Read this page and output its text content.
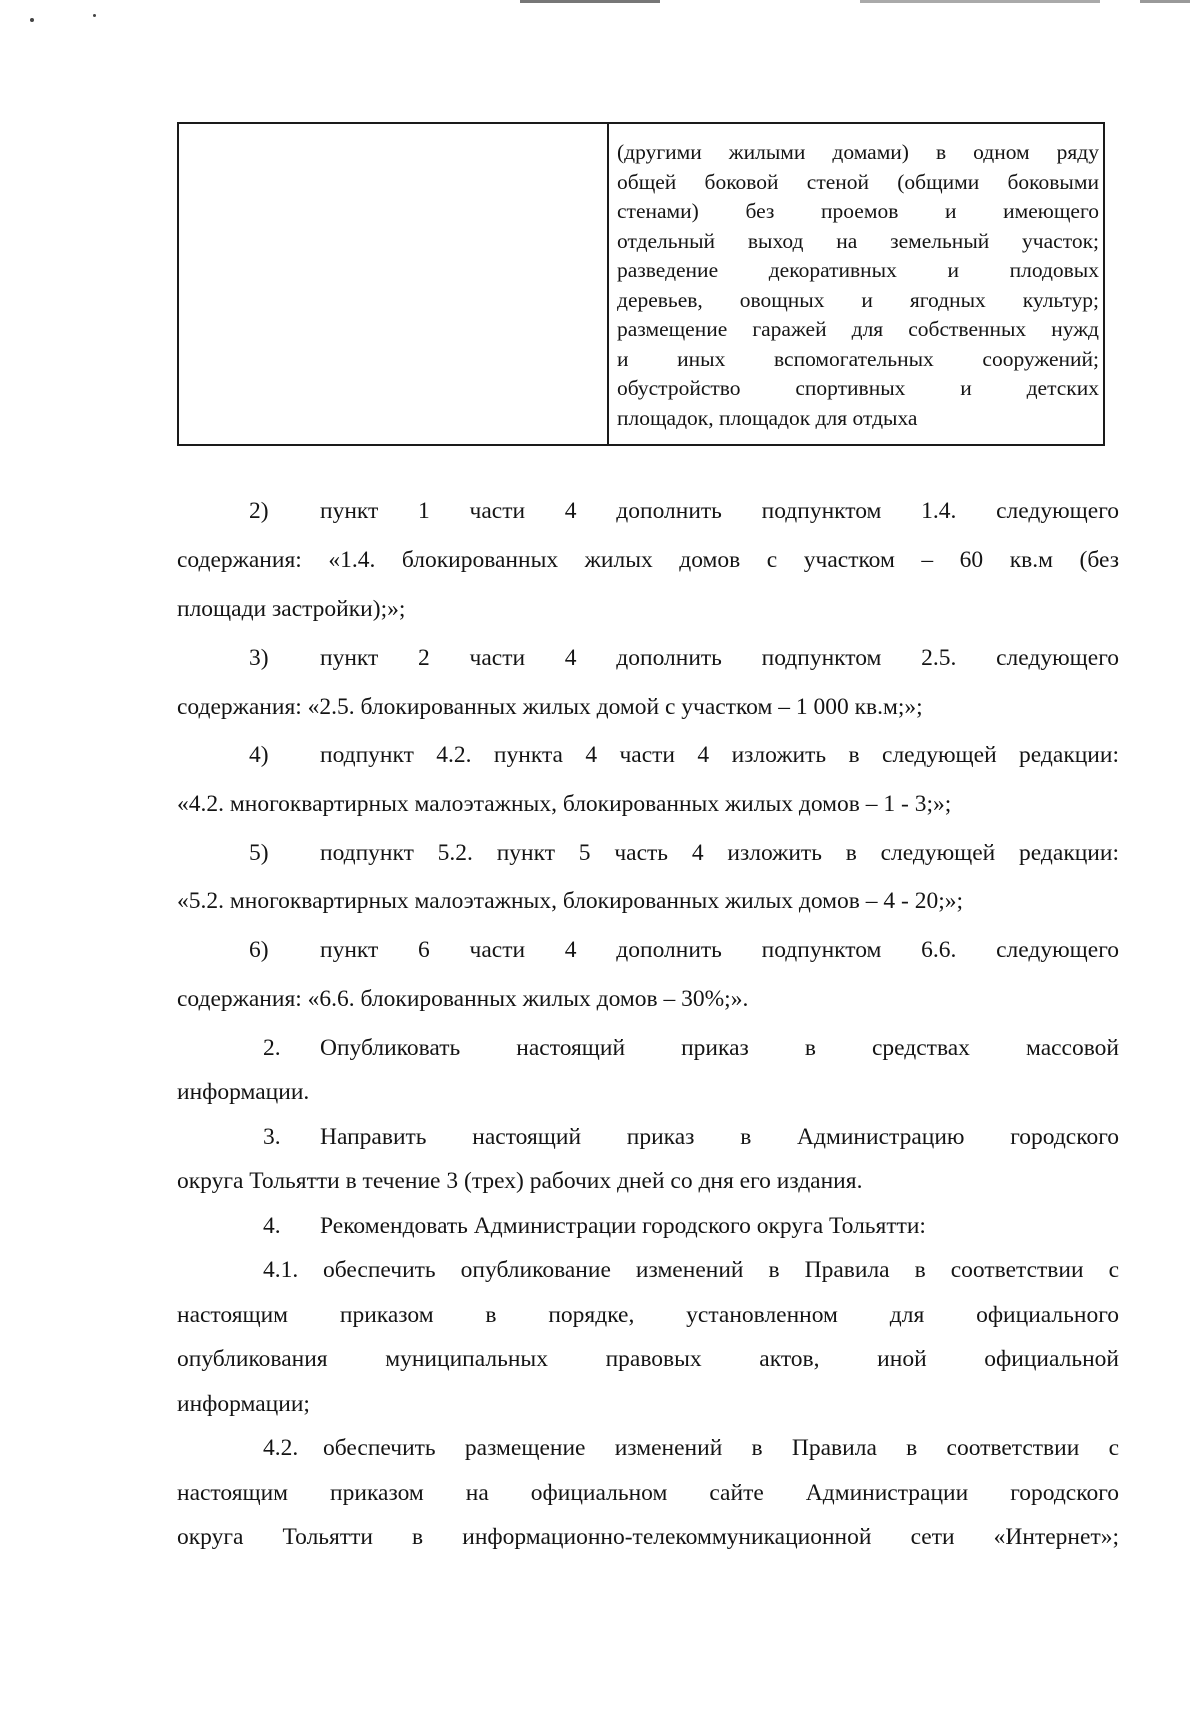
(другими жилыми домами) в одном ряду
общей боковой стеной (общими боковыми
стенами) без проемов и имеющего
отдельный выход на земельный участок;
разведение декоративных и плодовых
деревьев, овощных и ягодных культур;
размещение гаражей для собственных нужд
и иных вспомогательных сооружений;
обустройство спортивных и детских
площадок, площадок для отдыха
2) пункт 1 части 4 дополнить подпунктом 1.4. следующего
содержания: «1.4. блокированных жилых домов с участком – 60 кв.м (без
площади застройки);»;
3) пункт 2 части 4 дополнить подпунктом 2.5. следующего
содержания: «2.5. блокированных жилых домой с участком – 1 000 кв.м;»;
4) подпункт 4.2. пункта 4 части 4 изложить в следующей редакции:
«4.2. многоквартирных малоэтажных, блокированных жилых домов – 1 - 3;»;
5) подпункт 5.2. пункт 5 часть 4 изложить в следующей редакции:
«5.2. многоквартирных малоэтажных, блокированных жилых домов – 4 - 20;»;
6) пункт 6 части 4 дополнить подпунктом 6.6. следующего
содержания: «6.6. блокированных жилых домов – 30%;».
2. Опубликовать настоящий приказ в средствах массовой
информации.
3. Направить настоящий приказ в Администрацию городского
округа Тольятти в течение 3 (трех) рабочих дней со дня его издания.
4. Рекомендовать Администрации городского округа Тольятти:
4.1. обеспечить опубликование изменений в Правила в соответствии с
настоящим приказом в порядке, установленном для официального
опубликования муниципальных правовых актов, иной официальной
информации;
4.2. обеспечить размещение изменений в Правила в соответствии с
настоящим приказом на официальном сайте Администрации городского
округа Тольятти в информационно-телекоммуникационной сети «Интернет»;
